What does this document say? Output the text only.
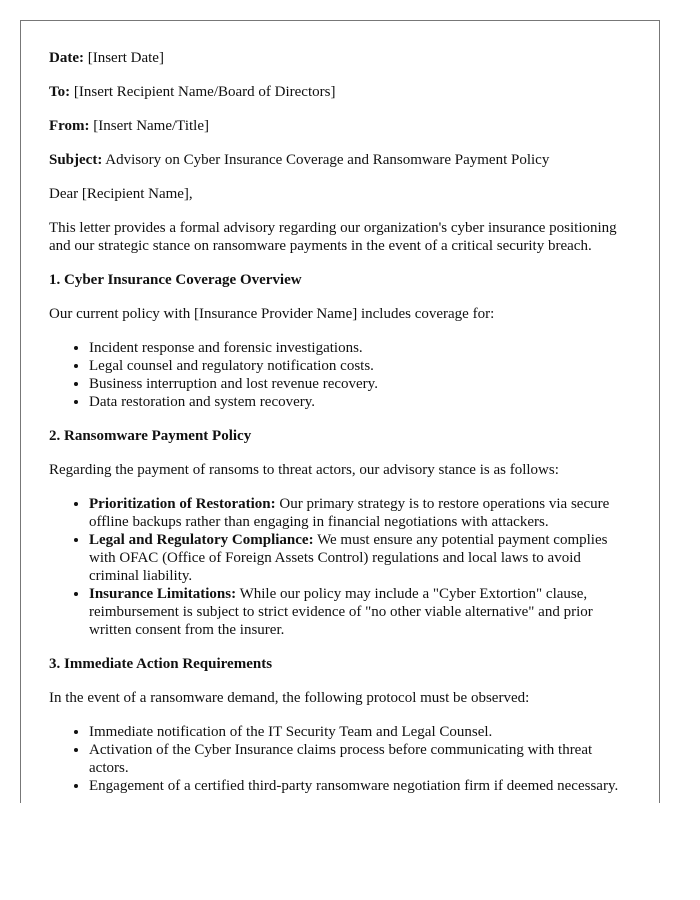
Date: [Insert Date]

To: [Insert Recipient Name/Board of Directors]

From: [Insert Name/Title]

Subject: Advisory on Cyber Insurance Coverage and Ransomware Payment Policy

Dear [Recipient Name],

This letter provides a formal advisory regarding our organization's cyber insurance positioning and our strategic stance on ransomware payments in the event of a critical security breach.

1. Cyber Insurance Coverage Overview

Our current policy with [Insurance Provider Name] includes coverage for:

• Incident response and forensic investigations.
• Legal counsel and regulatory notification costs.
• Business interruption and lost revenue recovery.
• Data restoration and system recovery.
2. Ransomware Payment Policy

Regarding the payment of ransoms to threat actors, our advisory stance is as follows:

• Prioritization of Restoration: Our primary strategy is to restore operations via secure offline backups rather than engaging in financial negotiations with attackers.
• Legal and Regulatory Compliance: We must ensure any potential payment complies with OFAC (Office of Foreign Assets Control) regulations and local laws to avoid criminal liability.
• Insurance Limitations: While our policy may include a "Cyber Extortion" clause, reimbursement is subject to strict evidence of "no other viable alternative" and prior written consent from the insurer.
3. Immediate Action Requirements

In the event of a ransomware demand, the following protocol must be observed:

• Immediate notification of the IT Security Team and Legal Counsel.
• Activation of the Cyber Insurance claims process before communicating with threat actors.
• Engagement of a certified third-party ransomware negotiation firm if deemed necessary.
